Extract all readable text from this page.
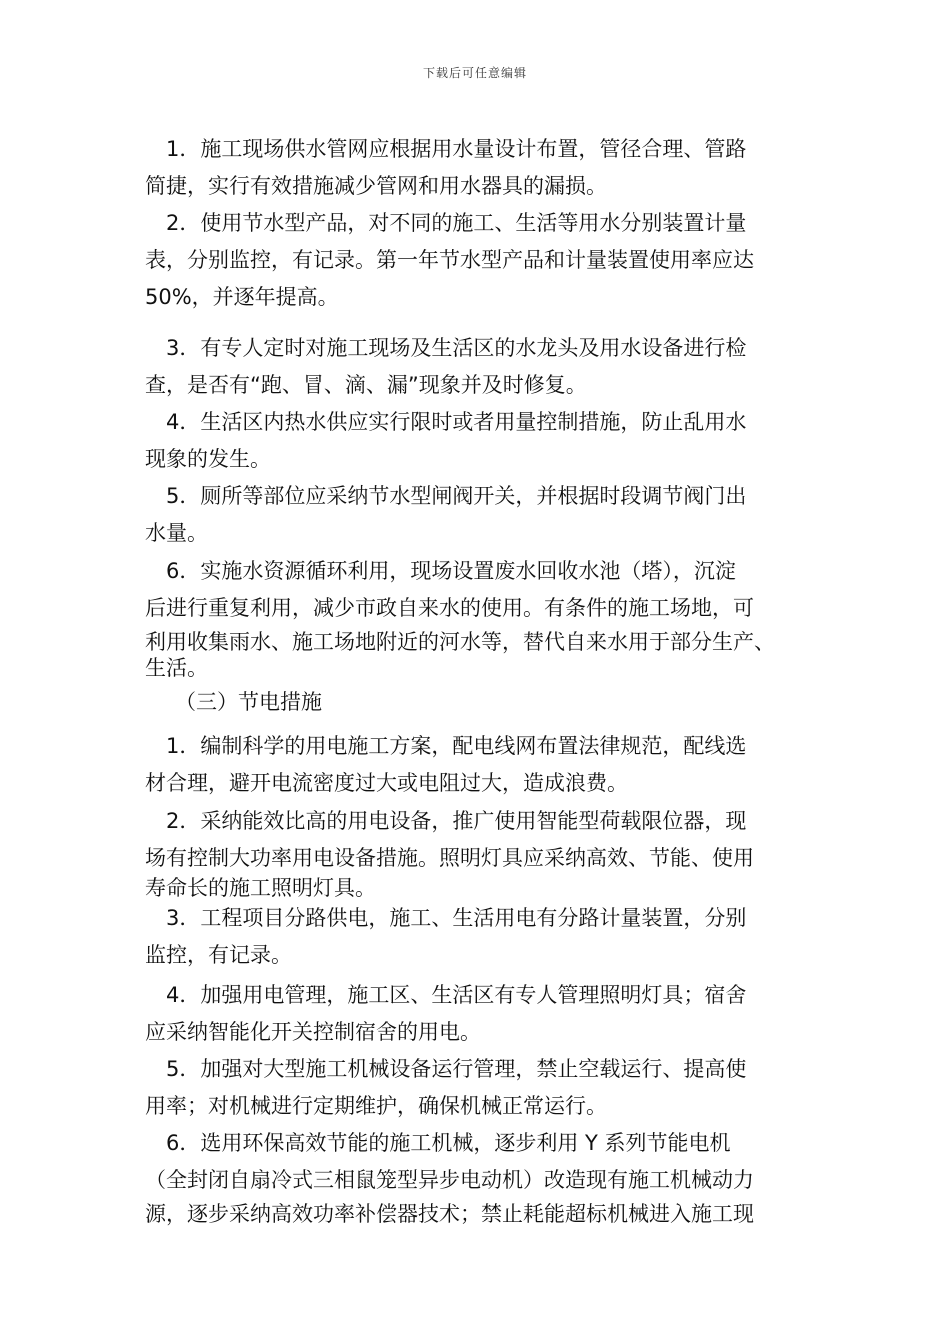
下载后可任意编辑
　1．施工现场供水管网应根据用水量设计布置，管径合理、管路
简捷，实行有效措施减少管网和用水器具的漏损。
　2．使用节水型产品，对不同的施工、生活等用水分别装置计量
表，分别监控，有记录。第一年节水型产品和计量装置使用率应达
50%，并逐年提高。
　3．有专人定时对施工现场及生活区的水龙头及用水设备进行检
查，是否有“跑、冒、滴、漏”现象并及时修复。
　4．生活区内热水供应实行限时或者用量控制措施，防止乱用水
现象的发生。
　5．厕所等部位应采纳节水型闸阀开关，并根据时段调节阀门出
水量。
　6．实施水资源循环利用，现场设置废水回收水池（塔），沉淀
后进行重复利用，减少市政自来水的使用。有条件的施工场地，可
利用收集雨水、施工场地附近的河水等，替代自来水用于部分生产、
生活。
（三）节电措施
　1．编制科学的用电施工方案，配电线网布置法律规范，配线选
材合理，避开电流密度过大或电阻过大，造成浪费。
　2．采纳能效比高的用电设备，推广使用智能型荷载限位器，现
场有控制大功率用电设备措施。照明灯具应采纳高效、节能、使用
寿命长的施工照明灯具。
　3．工程项目分路供电，施工、生活用电有分路计量装置，分别
监控，有记录。
　4．加强用电管理，施工区、生活区有专人管理照明灯具；宿舍
应采纳智能化开关控制宿舍的用电。
　5．加强对大型施工机械设备运行管理，禁止空载运行、提高使
用率；对机械进行定期维护，确保机械正常运行。
　6．选用环保高效节能的施工机械，逐步利用 Y 系列节能电机
（全封闭自扇冷式三相鼠笼型异步电动机）改造现有施工机械动力
源，逐步采纳高效功率补偿器技术；禁止耗能超标机械进入施工现
